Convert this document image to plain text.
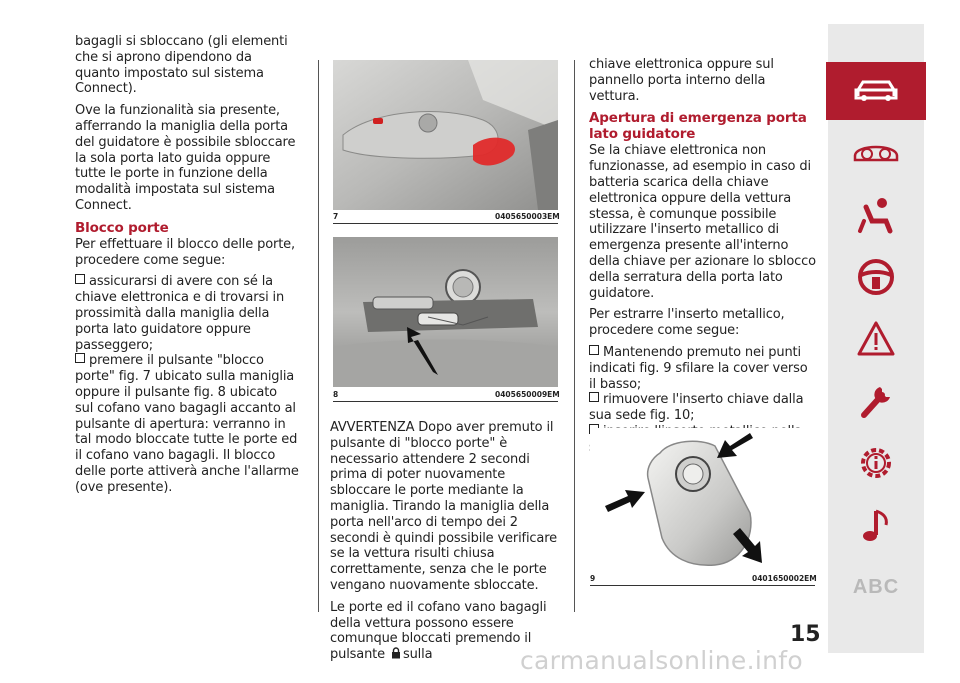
bagagli si sbloccano (gli elementi che si aprono dipendono da quanto impostato sul sistema Connect).

Ove la funzionalità sia presente, afferrando la maniglia della porta del guidatore è possibile sbloccare la sola porta lato guida oppure tutte le porte in funzione della modalità impostata sul sistema Connect.

Blocco porte

Per effettuare il blocco delle porte, procedere come segue:

assicurarsi di avere con sé la chiave elettronica e di trovarsi in prossimità dalla maniglia della porta lato guidatore oppure passeggero;
premere il pulsante "blocco porte" fig. 7 ubicato sulla maniglia oppure il pulsante fig. 8 ubicato sul cofano vano bagagli accanto al pulsante di apertura: verranno in tal modo bloccate tutte le porte ed il cofano vano bagagli. Il blocco delle porte attiverà anche l'allarme (ove presente).
7	0405650003EM
8	0405650009EM

AVVERTENZA Dopo aver premuto il pulsante di "blocco porte" è necessario attendere 2 secondi prima di poter nuovamente sbloccare le porte mediante la maniglia. Tirando la maniglia della porta nell'arco di tempo dei 2 secondi è quindi possibile verificare se la vettura risulti chiusa correttamente, senza che le porte vengano nuovamente sbloccate.

Le porte ed il cofano vano bagagli della vettura possono essere comunque bloccati premendo il pulsante sulla

chiave elettronica oppure sul pannello porta interno della vettura.

Apertura di emergenza porta lato guidatore

Se la chiave elettronica non funzionasse, ad esempio in caso di batteria scarica della chiave elettronica oppure della vettura stessa, è comunque possibile utilizzare l'inserto metallico di emergenza presente all'interno della chiave per azionare lo sblocco della serratura della porta lato guidatore.

Per estrarre l'inserto metallico, procedere come segue:

Mantenendo premuto nei punti indicati fig. 9 sfilare la cover verso il basso;
rimuovere l'inserto chiave dalla sua sede fig. 10;
9	0401650002EM ABC
15
carmanualsonline.info
